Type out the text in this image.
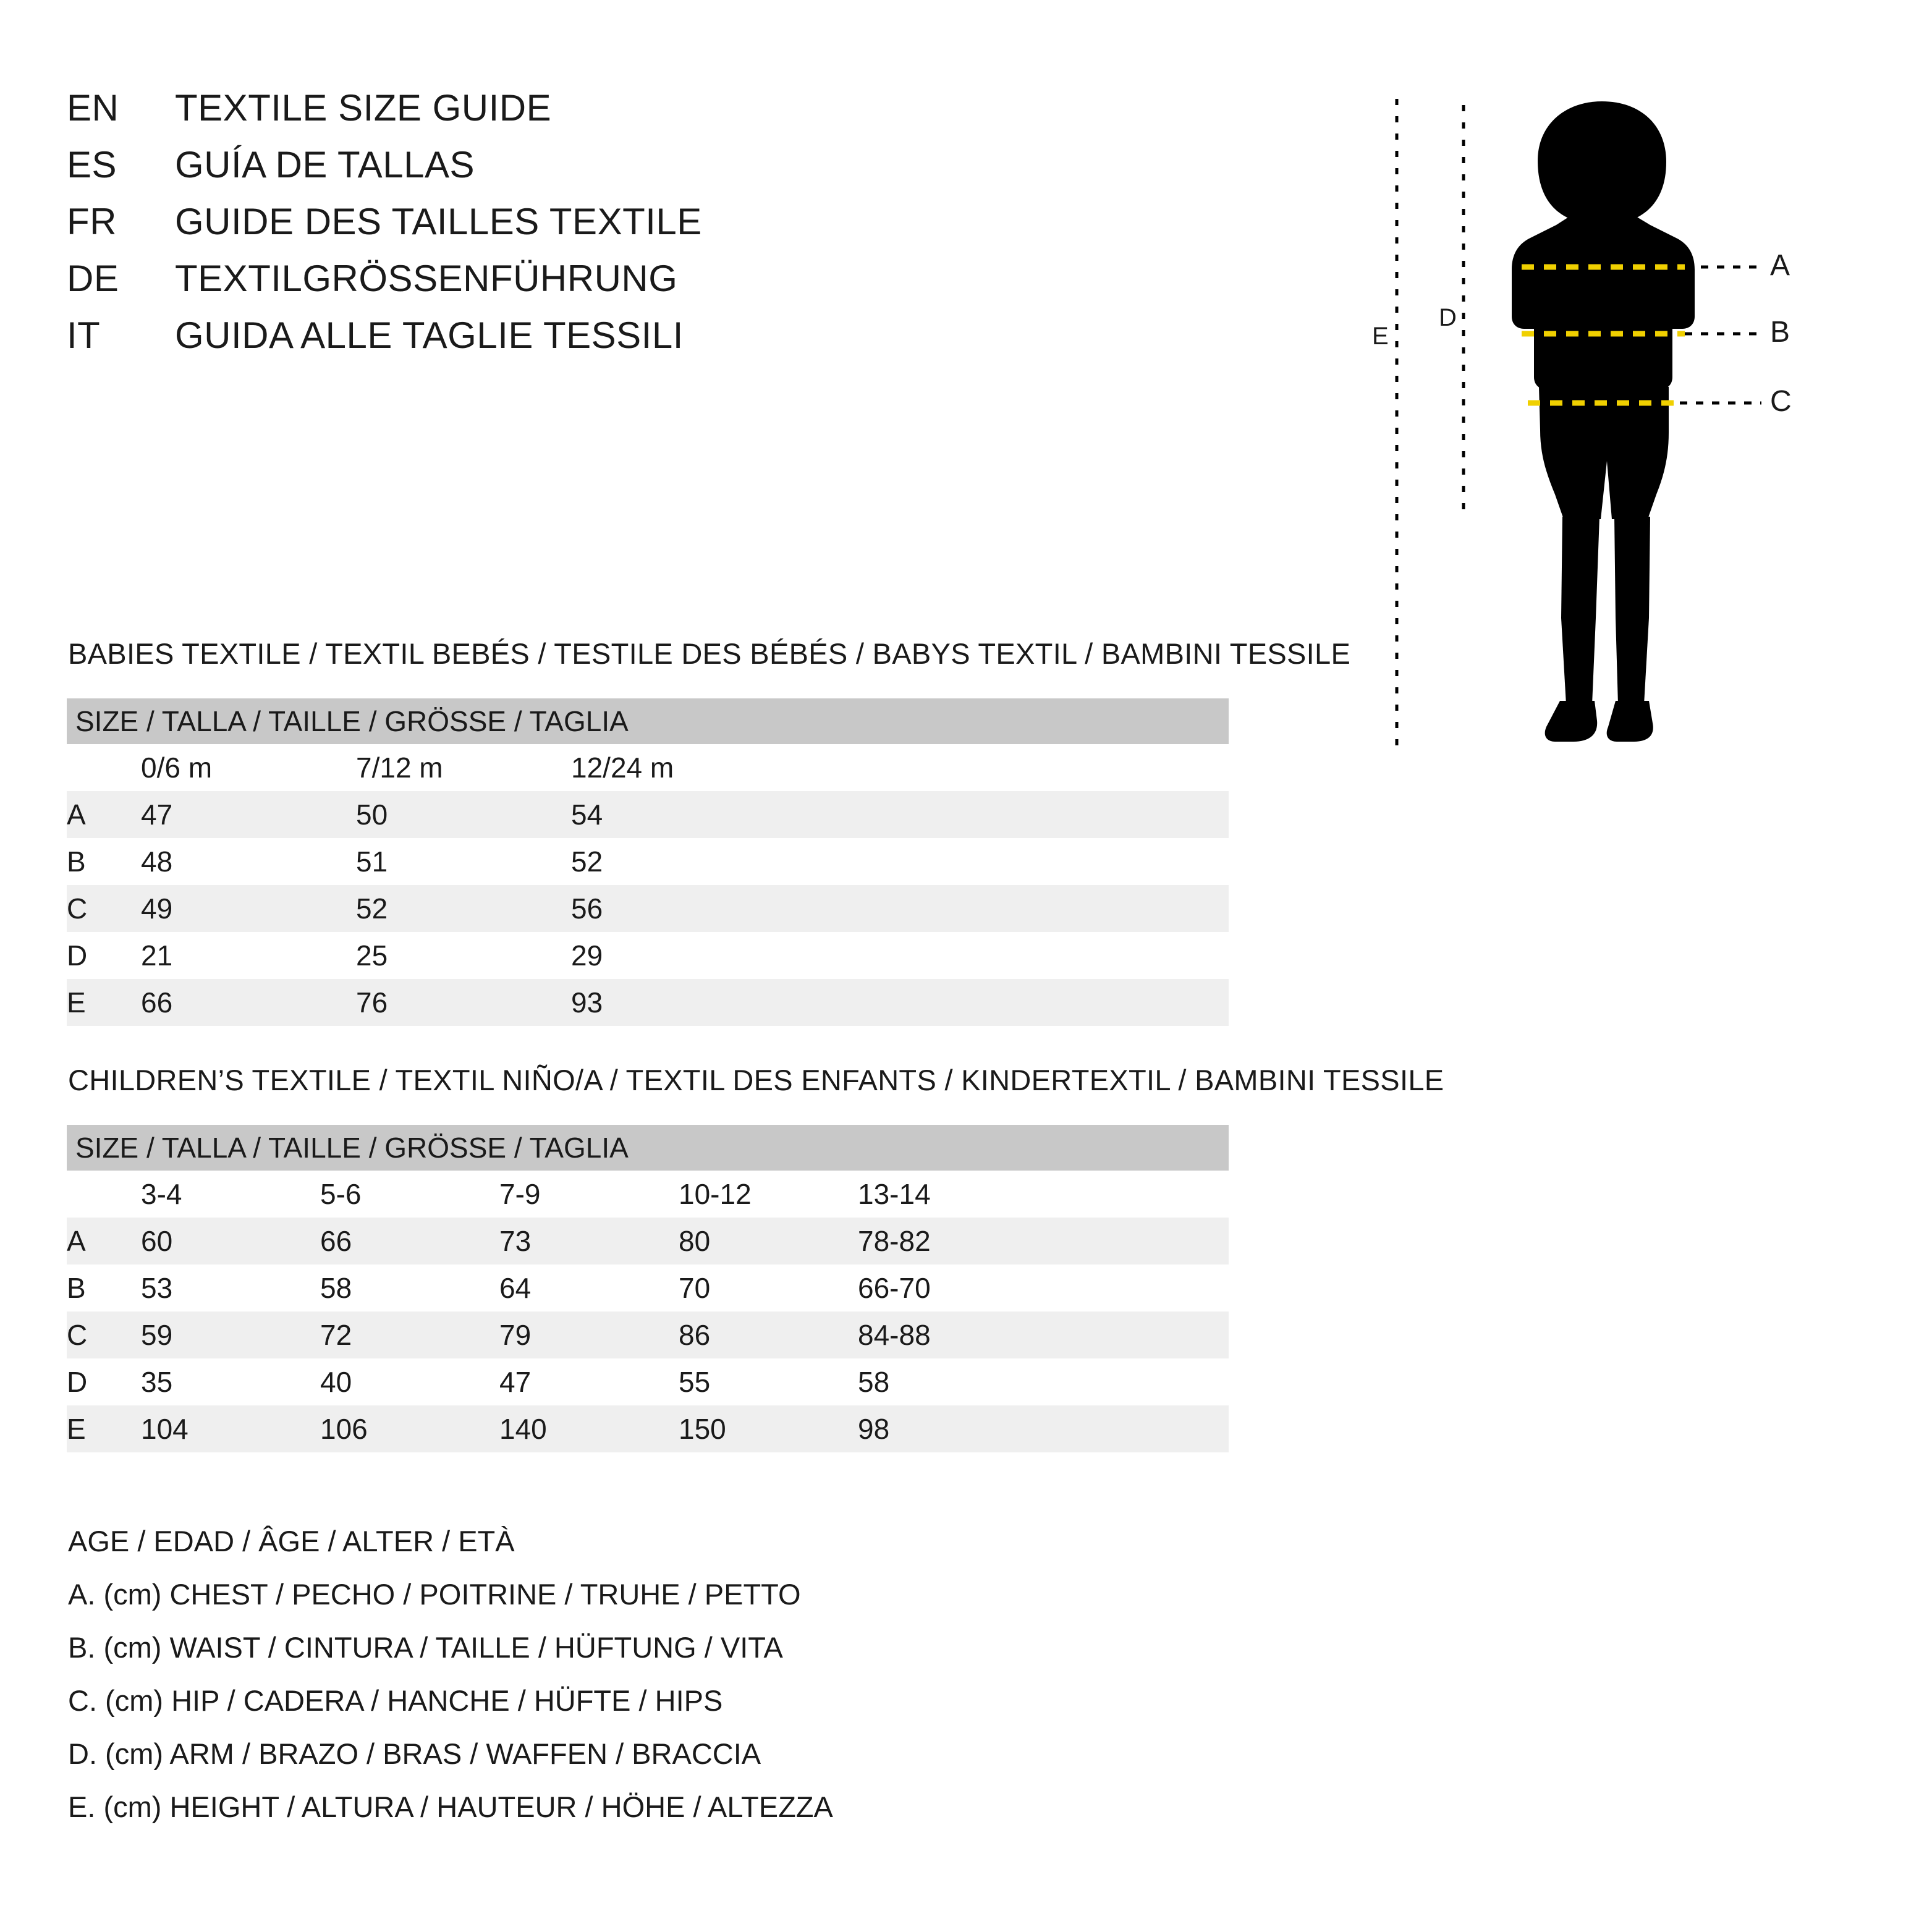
EN	TEXTILE SIZE GUIDE
ES	GUÍA DE TALLAS
FR	GUIDE DES TAILLES TEXTILE
DE	TEXTILGRÖSSENFÜHRUNG
IT	GUIDA ALLE TAGLIE TESSILI
A
B
C
D
E
BABIES TEXTILE / TEXTIL BEBÉS / TESTILE DES BÉBÉS / BABYS TEXTIL / BAMBINI TESSILE
SIZE / TALLA / TAILLE / GRÖSSE / TAGLIA				
	0/6 m	7/12 m	12/24 m	
A	47	50	54	
B	48	51	52	
C	49	52	56	
D	21	25	29	
E	66	76	93	
CHILDREN’S TEXTILE / TEXTIL NIÑO/A / TEXTIL DES ENFANTS / KINDERTEXTIL / BAMBINI TESSILE
SIZE / TALLA / TAILLE / GRÖSSE / TAGLIA						
	3-4	5-6	7-9	10-12	13-14	
A	60	66	73	80	78-82	
B	53	58	64	70	66-70	
C	59	72	79	86	84-88	
D	35	40	47	55	58	
E	104	106	140	150	98	
AGE / EDAD / ÂGE / ALTER / ETÀ
A. (cm) CHEST / PECHO / POITRINE / TRUHE / PETTO
B. (cm) WAIST / CINTURA / TAILLE / HÜFTUNG / VITA
C. (cm) HIP / CADERA / HANCHE / HÜFTE / HIPS
D. (cm) ARM / BRAZO / BRAS / WAFFEN / BRACCIA
E. (cm) HEIGHT / ALTURA / HAUTEUR / HÖHE / ALTEZZA
